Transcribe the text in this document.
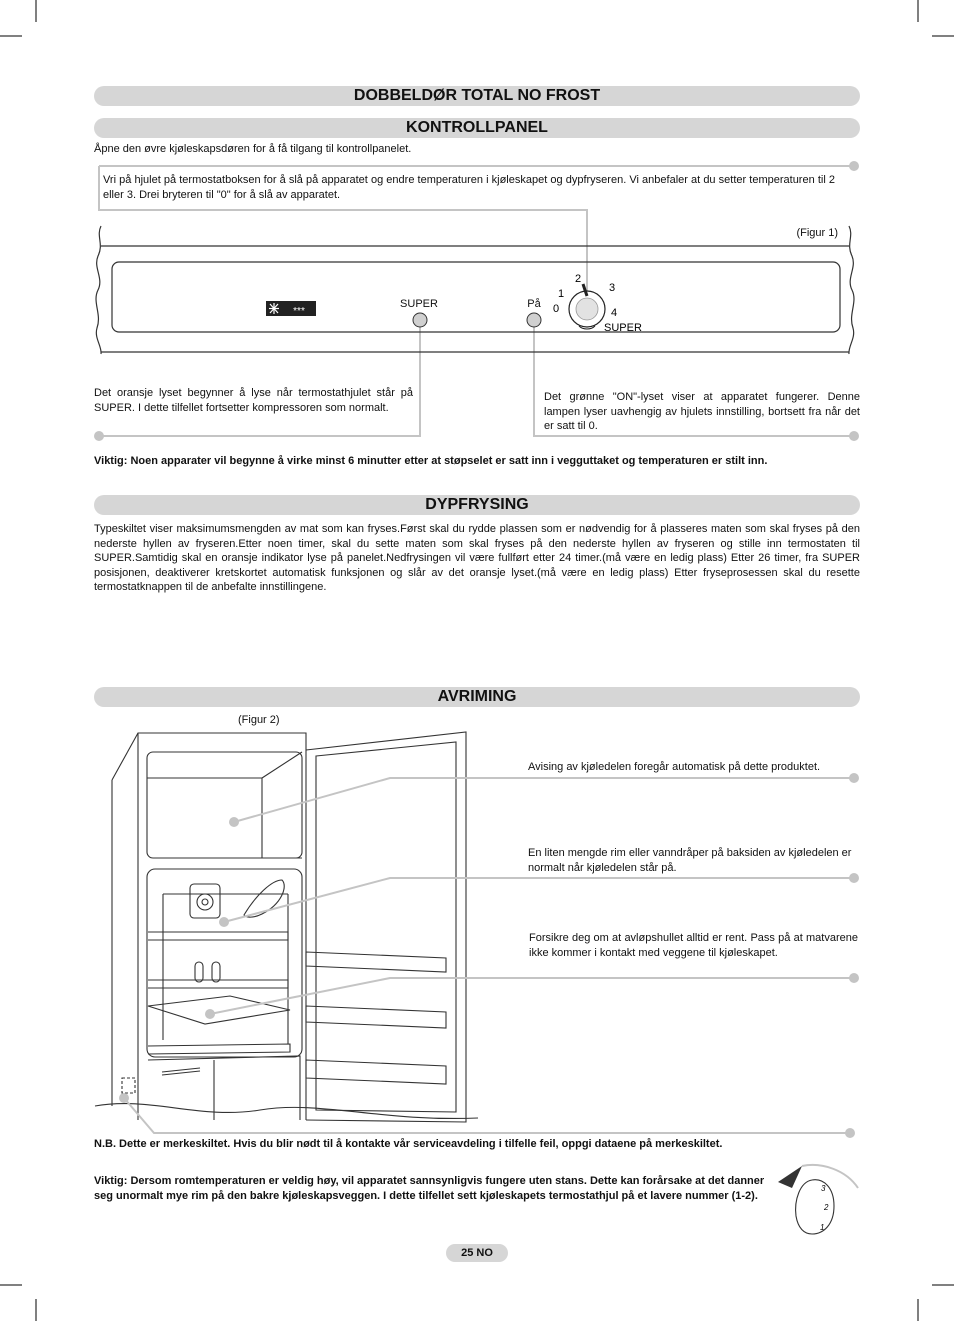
DOBBELDØR TOTAL NO FROST
KONTROLLPANEL
Åpne den øvre kjøleskapsdøren for å få tilgang til kontrollpanelet.
Vri på hjulet på termostatboksen for å slå på apparatet og endre temperaturen i kjøleskapet og dypfryseren. Vi anbefaler at du setter temperaturen til 2 eller 3. Drei bryteren til "0" for å slå av apparatet.
***
SUPER	På 0
1
2
3
4
SUPER
(Figur 1)
Det oransje lyset begynner å lyse når termostathjulet står på SUPER. I dette tilfellet fortsetter kompressoren som normalt.
Det grønne "ON"-lyset viser at apparatet fungerer. Denne lampen lyser uavhengig av hjulets innstilling, bortsett fra når det er satt til 0.
Viktig: Noen apparater vil begynne å virke minst 6 minutter etter at støpselet er satt inn i vegguttaket og temperaturen er stilt inn.
DYPFRYSING
Typeskiltet viser maksimumsmengden av mat som kan fryses.Først skal du rydde plassen som er nødvendig for å plasseres maten som skal fryses på den nederste hyllen av fryseren.Etter noen timer, skal du sette maten som skal fryses på den nederste hyllen av fryseren og stille inn termostaten til SUPER.Samtidig skal en oransje indikator lyse på panelet.Nedfrysingen vil være fullført etter 24 timer.(må være en ledig plass) Etter 26 timer, fra SUPER posisjonen, deaktiverer kretskortet automatisk funksjonen og slår av det oransje lyset.(må være en ledig plass) Etter fryseprosessen skal du resette termostatknappen til de anbefalte innstillingene.
AVRIMING
(Figur 2)
Avising av kjøledelen foregår automatisk på dette produktet.
En liten mengde rim eller vanndråper på baksiden av kjøledelen er normalt når kjøledelen står på.
Forsikre deg om at avløpshullet alltid er rent. Pass på at matvarene ikke kommer i kontakt med veggene til kjøleskapet.
N.B. Dette er merkeskiltet. Hvis du blir nødt til å kontakte vår serviceavdeling i tilfelle feil, oppgi dataene på merkeskiltet.
Viktig: Dersom romtemperaturen er veldig høy, vil apparatet sannsynligvis fungere uten stans. Dette kan forårsake at det danner seg unormalt mye rim på den bakre kjøleskapsveggen. I dette tilfellet sett kjøleskapets termostathjul på et lavere nummer (1-2).
3
2
1
25 NO
